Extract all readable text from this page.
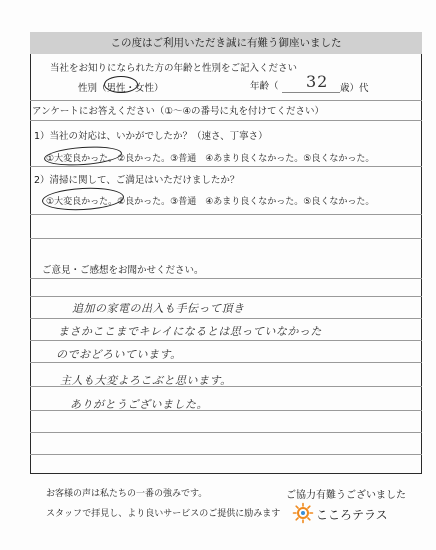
この度はご利用いただき誠に有難う御座いました
当社をお知りになられた方の年齢と性別をご記入ください
性別（男性・女性）	年齢（	歳）代
32
アンケートにお答えください（①～④の番号に丸を付けてください）
1）当社の対応は、いかがでしたか？（速さ、丁寧さ）
①大変良かった。②良かった。③普通　④あまり良くなかった。⑤良くなかった。
2）清掃に関して、ご満足はいただけましたか？
①大変良かった。②良かった。③普通　④あまり良くなかった。⑤良くなかった。
ご意見・ご感想をお聞かせください。
追加の家電の出入も手伝って頂き
まさかここまでキレイになるとは思っていなかった
のでおどろいています。
主人も大変よろこぶと思います。
ありがとうございました。
お客様の声は私たちの一番の強みです。
スタッフで拝見し、より良いサービスのご提供に励みます
ご協力有難うございました
こころテラス
